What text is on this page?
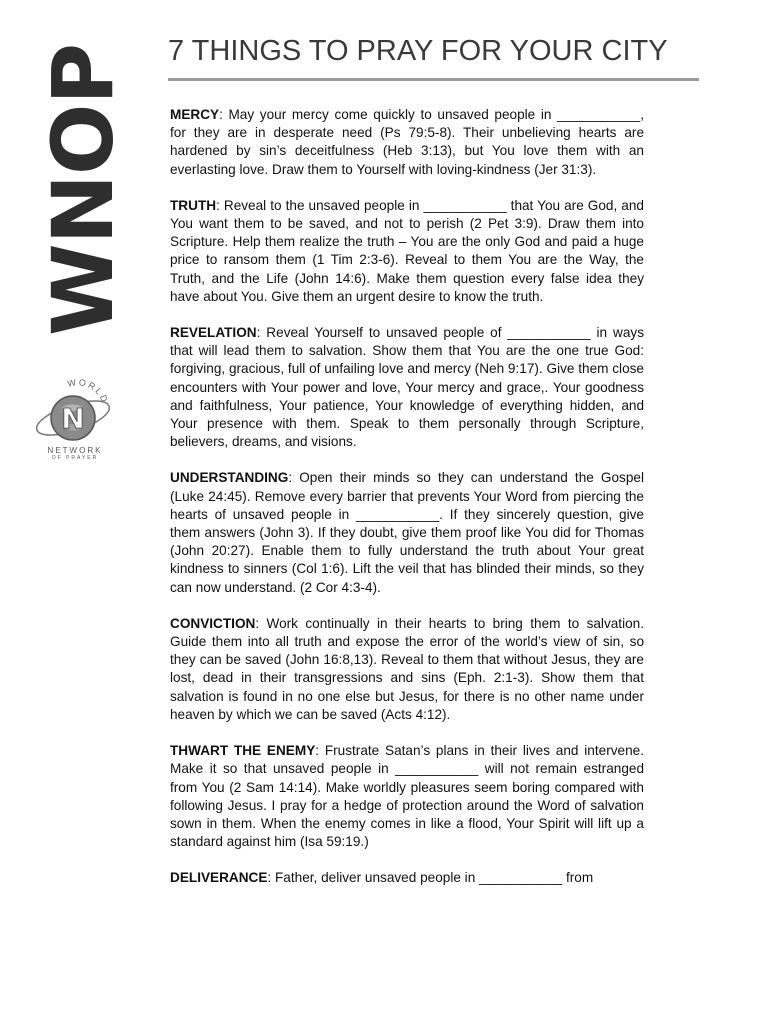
WNOP
N
WORLD
NETWORK
OF PRAYER
7 THINGS TO PRAY FOR YOUR CITY

MERCY: May your mercy come quickly to unsaved people in ___________, for they are in desperate need (Ps 79:5-8). Their unbelieving hearts are hardened by sin’s deceitfulness (Heb 3:13), but You love them with an everlasting love. Draw them to Yourself with loving-kindness (Jer 31:3).

TRUTH: Reveal to the unsaved people in ___________ that You are God, and You want them to be saved, and not to perish (2 Pet 3:9). Draw them into Scripture. Help them realize the truth – You are the only God and paid a huge price to ransom them (1 Tim 2:3-6). Reveal to them You are the Way, the Truth, and the Life (John 14:6). Make them question every false idea they have about You. Give them an urgent desire to know the truth.

REVELATION: Reveal Yourself to unsaved people of ___________ in ways that will lead them to salvation. Show them that You are the one true God: forgiving, gracious, full of unfailing love and mercy (Neh 9:17). Give them close encounters with Your power and love, Your mercy and grace,. Your goodness and faithfulness, Your patience, Your knowledge of everything hidden, and Your presence with them. Speak to them personally through Scripture, believers, dreams, and visions.

UNDERSTANDING: Open their minds so they can understand the Gospel (Luke 24:45). Remove every barrier that prevents Your Word from piercing the hearts of unsaved people in ___________. If they sincerely question, give them answers (John 3). If they doubt, give them proof like You did for Thomas (John 20:27). Enable them to fully understand the truth about Your great kindness to sinners (Col 1:6). Lift the veil that has blinded their minds, so they can now understand. (2 Cor 4:3-4).

CONVICTION: Work continually in their hearts to bring them to salvation. Guide them into all truth and expose the error of the world’s view of sin, so they can be saved (John 16:8,13). Reveal to them that without Jesus, they are lost, dead in their transgressions and sins (Eph. 2:1-3). Show them that salvation is found in no one else but Jesus, for there is no other name under heaven by which we can be saved (Acts 4:12).

THWART THE ENEMY: Frustrate Satan’s plans in their lives and intervene. Make it so that unsaved people in ___________ will not remain estranged from You (2 Sam 14:14). Make worldly pleasures seem boring compared with following Jesus. I pray for a hedge of protection around the Word of salvation sown in them. When the enemy comes in like a flood, Your Spirit will lift up a standard against him (Isa 59:19.)

DELIVERANCE: Father, deliver unsaved people in ___________ from
